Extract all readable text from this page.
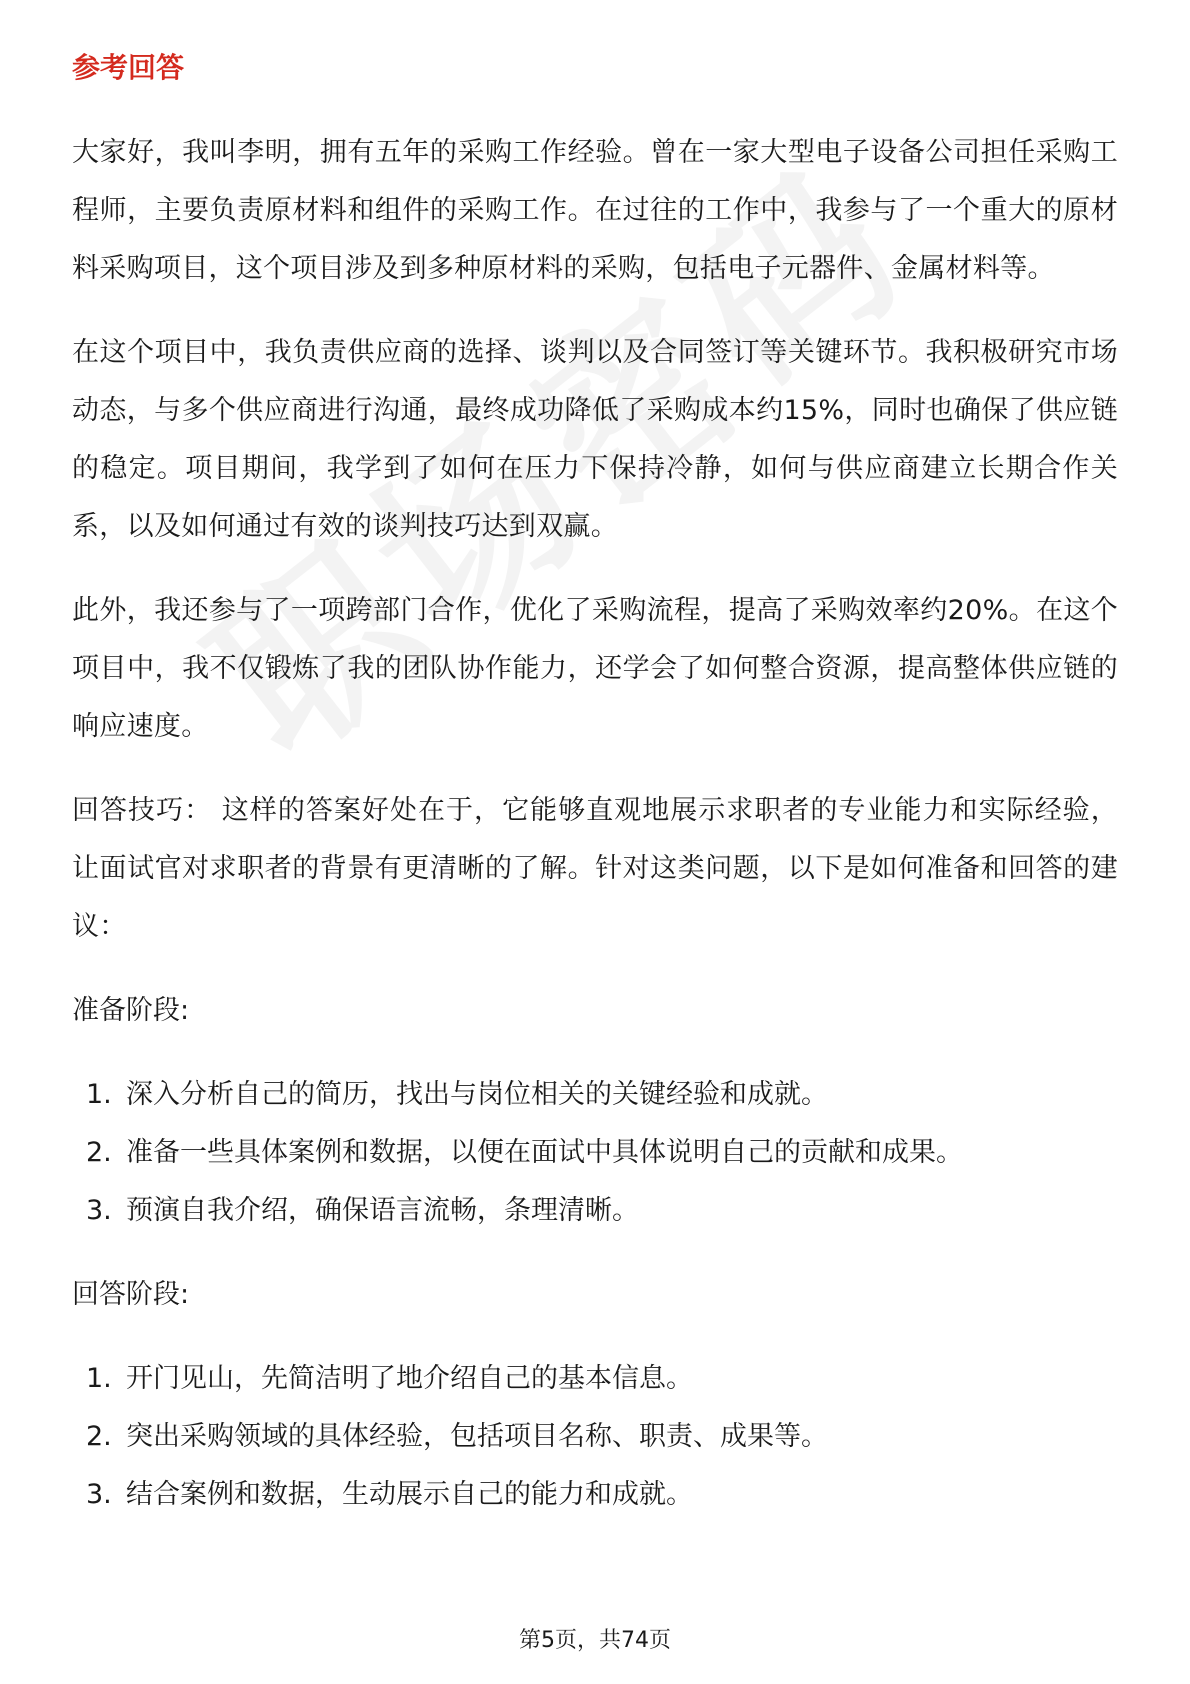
参考回答

大家好，我叫李明，拥有五年的采购工作经验。曾在一家大型电子设备公司担任采购工程师，主要负责原材料和组件的采购工作。在过往的工作中，我参与了一个重大的原材料采购项目，这个项目涉及到多种原材料的采购，包括电子元器件、金属材料等。

在这个项目中，我负责供应商的选择、谈判以及合同签订等关键环节。我积极研究市场动态，与多个供应商进行沟通，最终成功降低了采购成本约15%，同时也确保了供应链的稳定。项目期间，我学到了如何在压力下保持冷静，如何与供应商建立长期合作关系，以及如何通过有效的谈判技巧达到双赢。

此外，我还参与了一项跨部门合作，优化了采购流程，提高了采购效率约20%。在这个项目中，我不仅锻炼了我的团队协作能力，还学会了如何整合资源，提高整体供应链的响应速度。

回答技巧： 这样的答案好处在于，它能够直观地展示求职者的专业能力和实际经验，让面试官对求职者的背景有更清晰的了解。针对这类问题，以下是如何准备和回答的建议：

准备阶段:
1. 深入分析自己的简历，找出与岗位相关的关键经验和成就。
2. 准备一些具体案例和数据，以便在面试中具体说明自己的贡献和成果。
3. 预演自我介绍，确保语言流畅，条理清晰。
回答阶段:
1. 开门见山，先简洁明了地介绍自己的基本信息。
2. 突出采购领域的具体经验，包括项目名称、职责、成果等。
3. 结合案例和数据，生动展示自己的能力和成就。
第5页，共74页
